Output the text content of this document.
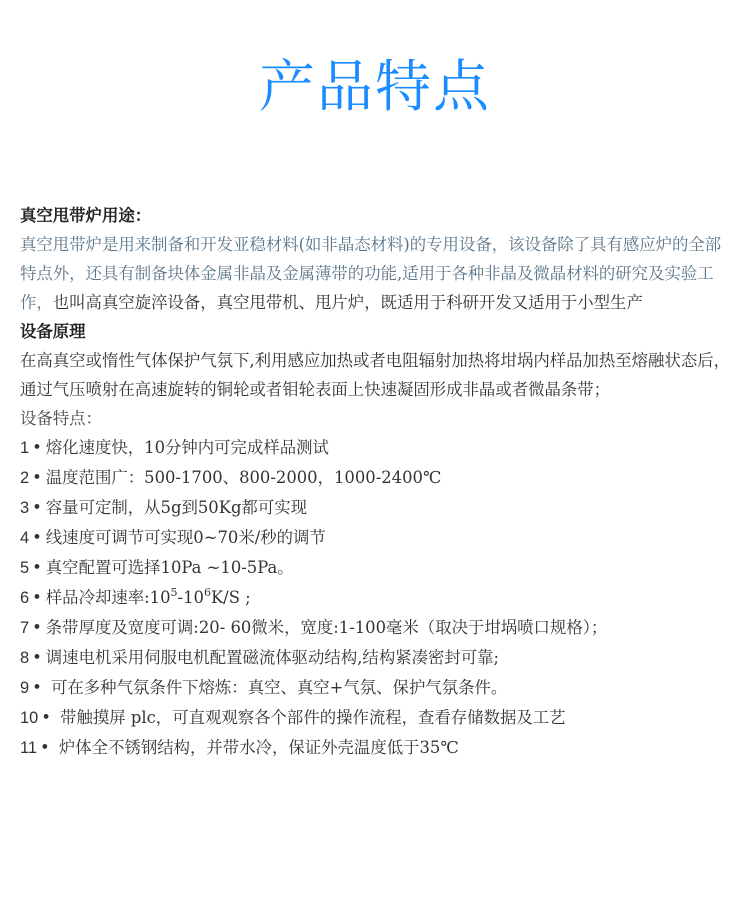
产品特点
真空甩带炉用途：
真空甩带炉是用来制备和开发亚稳材料(如非晶态材料)的专用设备，该设备除了具有感应炉的全部特点外，还具有制备块体金属非晶及金属薄带的功能,适用于各种非晶及微晶材料的研究及实验工作，也叫高真空旋淬设备，真空甩带机、甩片炉，既适用于科研开发又适用于小型生产
设备原理
在高真空或惰性气体保护气氛下,利用感应加热或者电阻辐射加热将坩埚内样品加热至熔融状态后，通过气压喷射在高速旋转的铜轮或者钼轮表面上快速凝固形成非晶或者微晶条带；
设备特点：
1 • 熔化速度快，10分钟内可完成样品测试
2 • 温度范围广：500-1700、800-2000，1000-2400℃
3 • 容量可定制，从5g到50Kg都可实现
4 • 线速度可调节可实现0~70米/秒的调节
5 • 真空配置可选择10Pa ~10-5Pa。
6 • 样品冷却速率$:10^5-10^6K/S$ ;
7 • 条带厚度及宽度可调:20- 60微米，宽度:1-100毫米（取决于坩埚喷口规格）；
8 • 调速电机采用伺服电机配置磁流体驱动结构,结构紧凑密封可靠;
9 • 可在多种气氛条件下熔炼：真空、真空+气氛、保护气氛条件。
10 • 带触摸屏 plc，可直观观察各个部件的操作流程，查看存储数据及工艺
11 • 炉体全不锈钢结构，并带水冷，保证外壳温度低于35℃
